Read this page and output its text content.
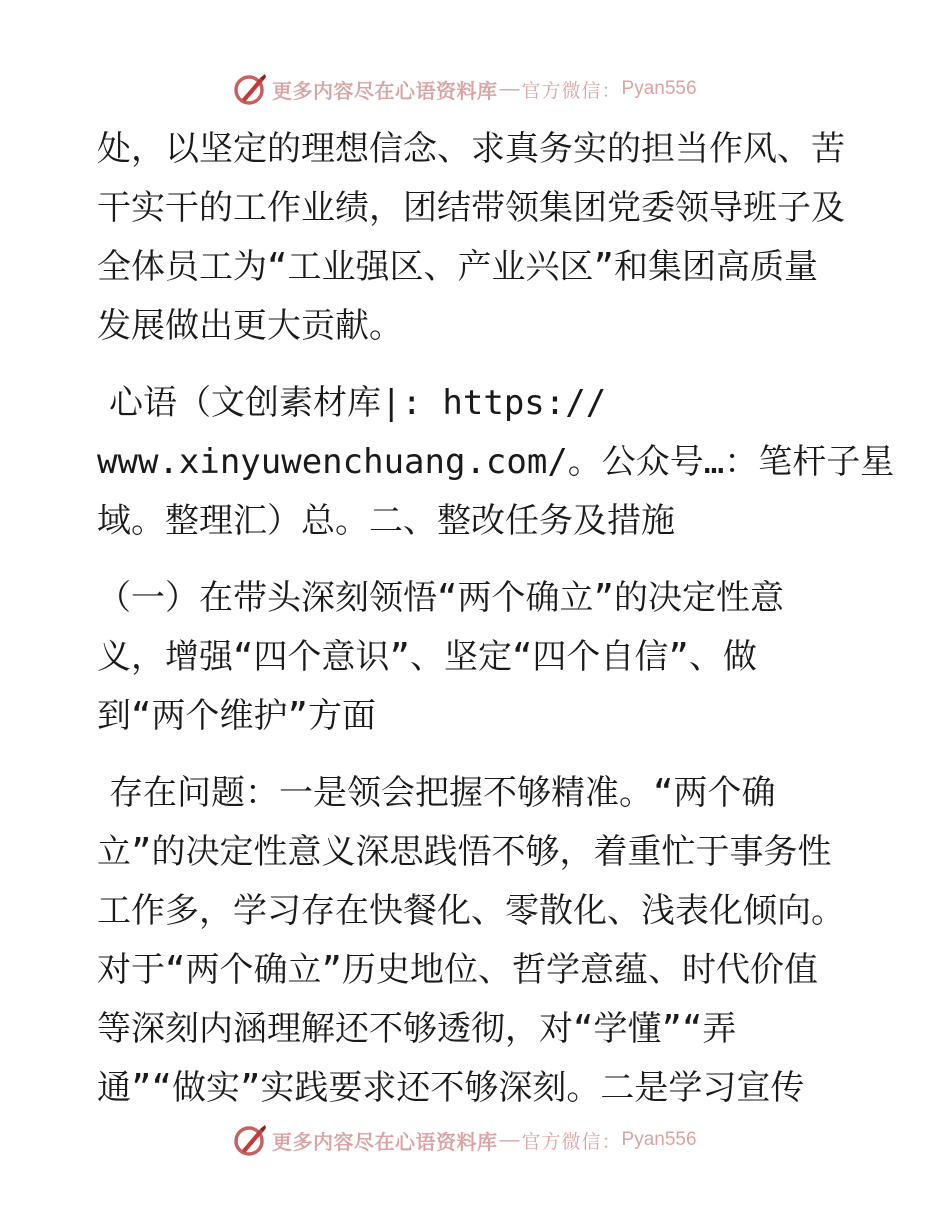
更多内容尽在心语资料库 — 官方微信： Pyan556

处，以坚定的理想信念、求真务实的担当作风、苦
干实干的工作业绩，团结带领集团党委领导班子及
全体员工为“工业强区、产业兴区”和集团高质量
发展做出更大贡献。

心语（文创素材库|: https://
www.xinyuwenchuang.com/。公众号…：笔杆子星
域。整理汇）总。二、整改任务及措施

（一）在带头深刻领悟“两个确立”的决定性意
义，增强“四个意识”、坚定“四个自信”、做
到“两个维护”方面

存在问题：一是领会把握不够精准。“两个确
立”的决定性意义深思践悟不够，着重忙于事务性
工作多，学习存在快餐化、零散化、浅表化倾向。
对于“两个确立”历史地位、哲学意蕴、时代价值
等深刻内涵理解还不够透彻，对“学懂”“弄
通”“做实”实践要求还不够深刻。二是学习宣传

更多内容尽在心语资料库 — 官方微信： Pyan556
